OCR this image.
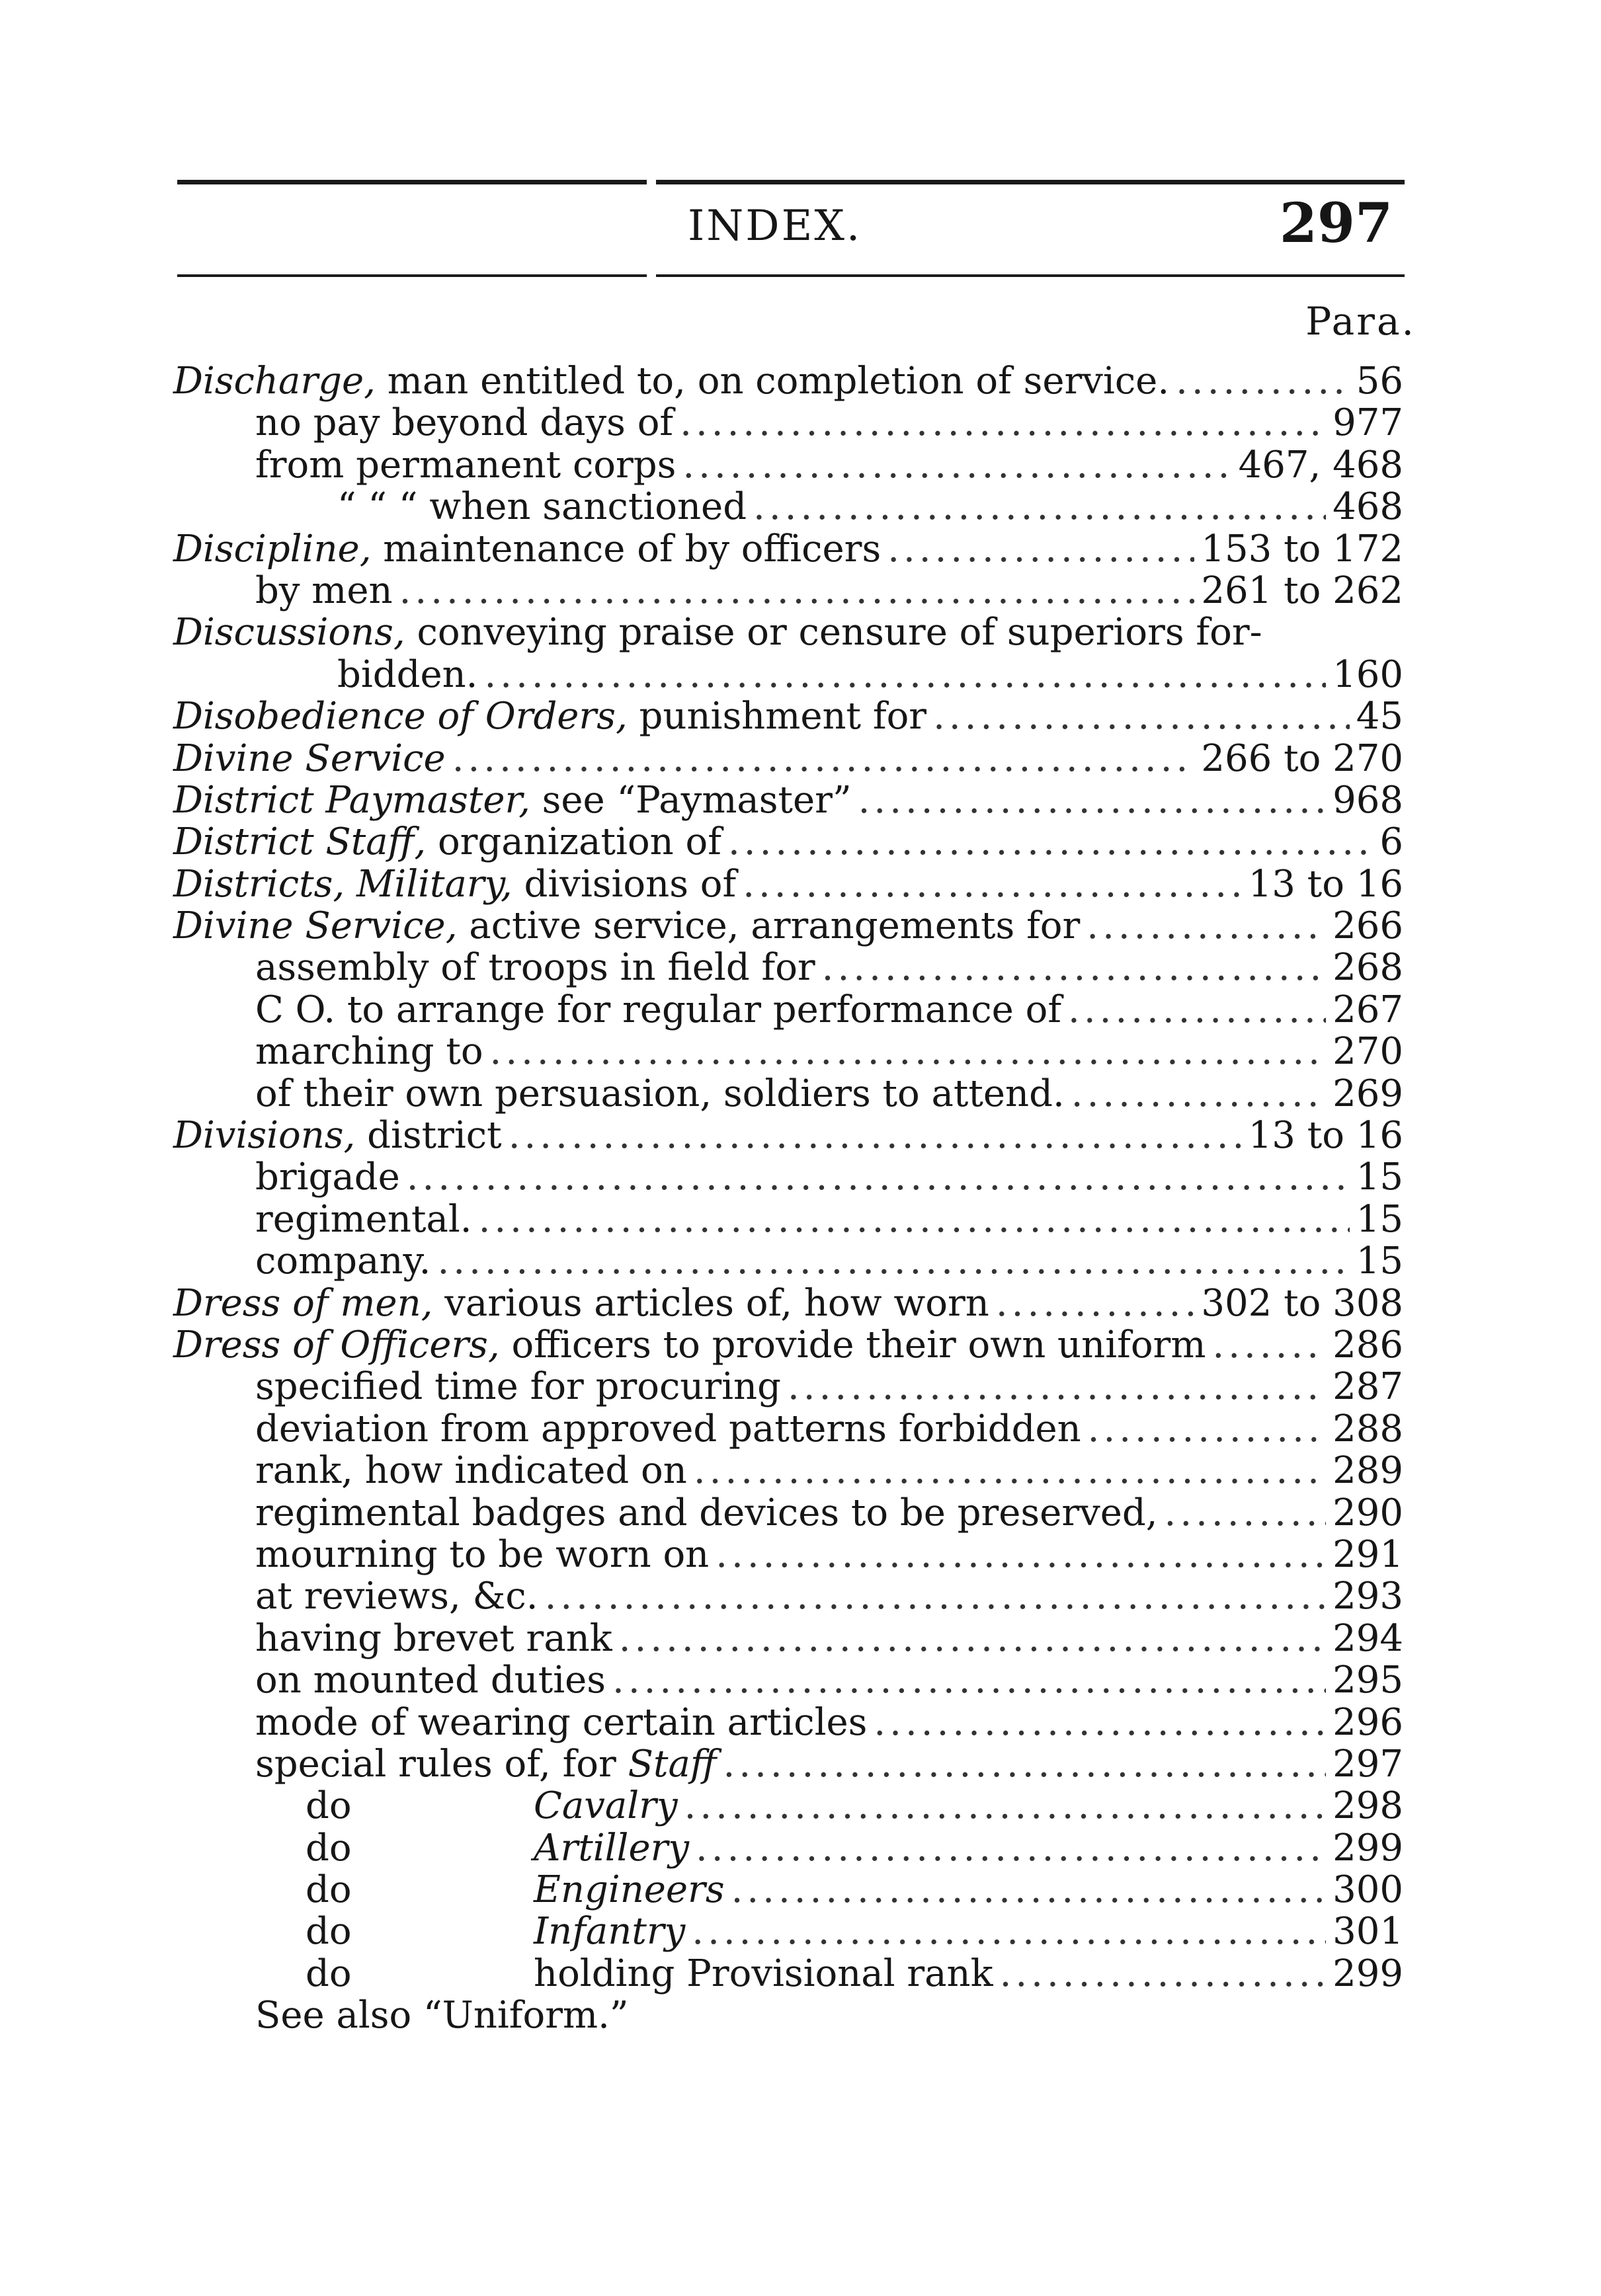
INDEX.	297
Para.
Discharge, man entitled to, on completion of service. .....	56
no pay beyond days of .....	977
from permanent corps .....	467, 468
“ “ “ when sanctioned .....	468
Discipline, maintenance of by officers .....	153 to 172
by men .....	261 to 262
Discussions, conveying praise or censure of superiors for-
bidden. .....	160
Disobedience of Orders, punishment for .....	45
Divine Service .....	266 to 270
District Paymaster, see “Paymaster” .....	968
District Staff, organization of .....	6
Districts, Military, divisions of .....	13 to 16
Divine Service, active service, arrangements for .....	266
assembly of troops in field for .....	268
C O. to arrange for regular performance of .....	267
marching to .....	270
of their own persuasion, soldiers to attend. .....	269
Divisions, district .....	13 to 16
brigade .....	15
regimental. .....	15
company. .....	15
Dress of men, various articles of, how worn .....	302 to 308
Dress of Officers, officers to provide their own uniform .....	286
specified time for procuring .....	287
deviation from approved patterns forbidden .....	288
rank, how indicated on .....	289
regimental badges and devices to be preserved, .....	290
mourning to be worn on .....	291
at reviews, &c. .....	293
having brevet rank .....	294
on mounted duties .....	295
mode of wearing certain articles .....	296
special rules of, for Staff .....	297
do	Cavalry .....	298
do	Artillery .....	299
do	Engineers .....	300
do	Infantry .....	301
do	holding Provisional rank .....	299
See also “Uniform.”
